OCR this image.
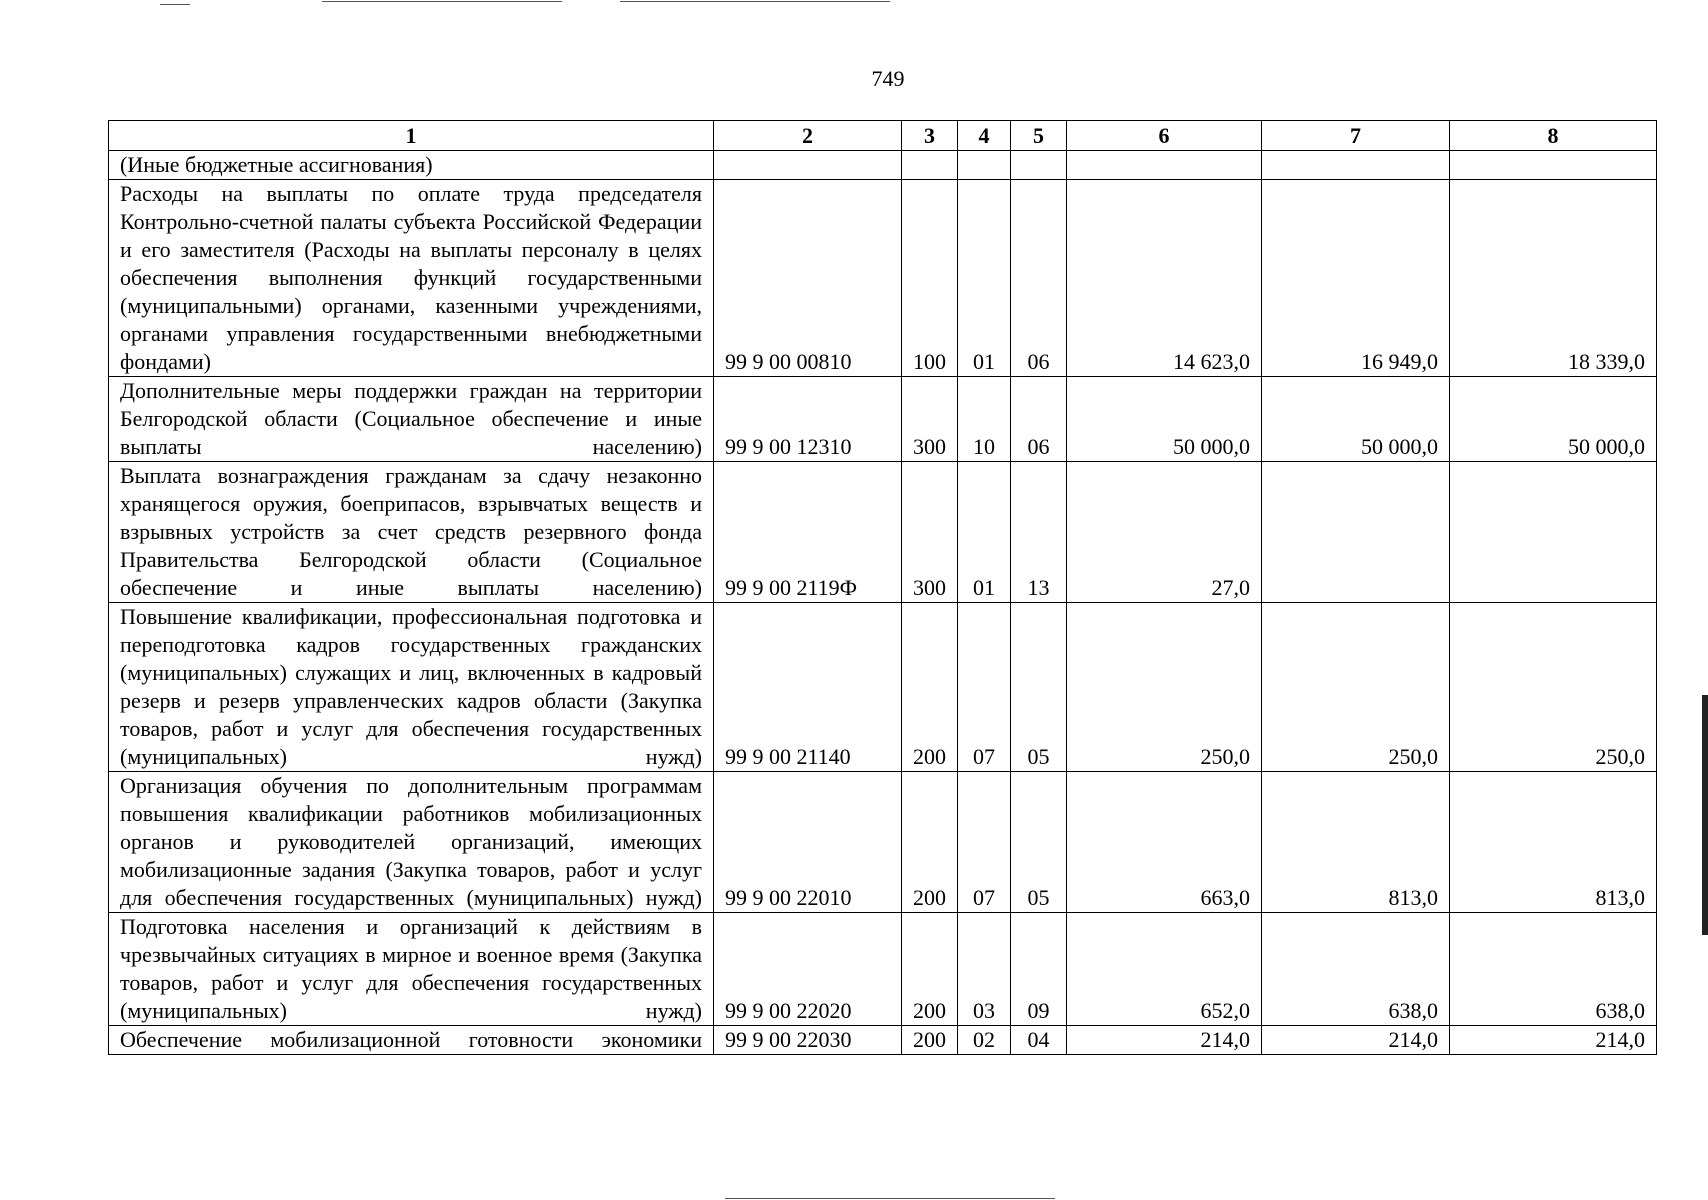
749
1	2	3	4	5	6	7	8
(Иные бюджетные ассигнования)							
Расходы на выплаты по оплате труда председателя Контрольно-счетной палаты субъекта Российской Федерации и его заместителя (Расходы на выплаты персоналу в целях обеспечения выполнения функций государственными (муниципальными) органами, казенными учреждениями, органами управления государственными внебюджетными фондами)	99 9 00 00810	100	01	06	14 623,0	16 949,0	18 339,0
Дополнительные меры поддержки граждан на территории Белгородской области (Социальное обеспечение и иные выплаты населению)	99 9 00 12310	300	10	06	50 000,0	50 000,0	50 000,0
Выплата вознаграждения гражданам за сдачу незаконно хранящегося оружия, боеприпасов, взрывчатых веществ и взрывных устройств за счет средств резервного фонда Правительства Белгородской области (Социальное обеспечение и иные выплаты населению)	99 9 00 2119Ф	300	01	13	27,0		
Повышение квалификации, профессиональная подготовка и переподготовка кадров государственных гражданских (муниципальных) служащих и лиц, включенных в кадровый резерв и резерв управленческих кадров области (Закупка товаров, работ и услуг для обеспечения государственных (муниципальных) нужд)	99 9 00 21140	200	07	05	250,0	250,0	250,0
Организация обучения по дополнительным программам повышения квалификации работников мобилизационных органов и руководителей организаций, имеющих мобилизационные задания (Закупка товаров, работ и услуг для обеспечения государственных (муниципальных) нужд)	99 9 00 22010	200	07	05	663,0	813,0	813,0
Подготовка населения и организаций к действиям в чрезвычайных ситуациях в мирное и военное время (Закупка товаров, работ и услуг для обеспечения государственных (муниципальных) нужд)	99 9 00 22020	200	03	09	652,0	638,0	638,0
Обеспечение мобилизационной готовности экономики	99 9 00 22030	200	02	04	214,0	214,0	214,0
